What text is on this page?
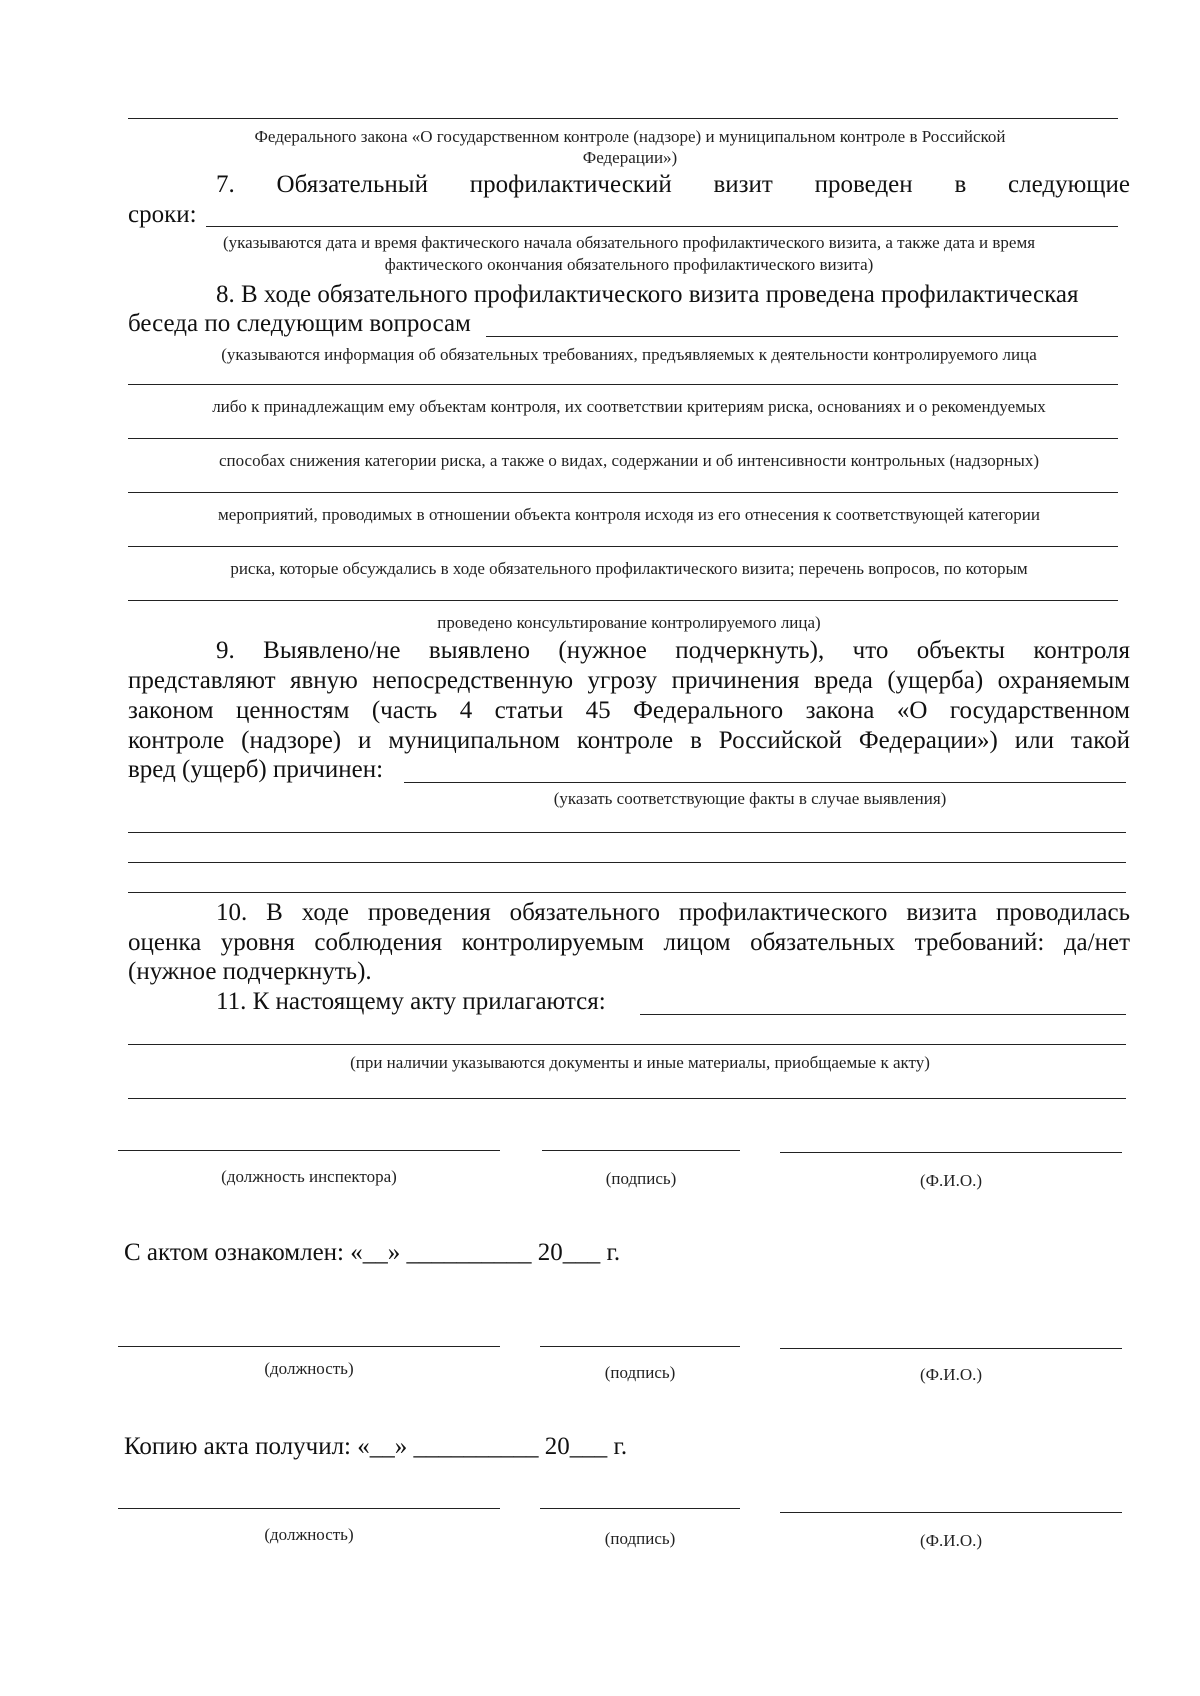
Федерального закона «О государственном контроле (надзоре) и муниципальном контроле в Российской Федерации»)
7. Обязательный профилактический визит проведен в следующие
сроки:
(указываются дата и время фактического начала обязательного профилактического визита, а также дата и время
фактического окончания обязательного профилактического визита)
8. В ходе обязательного профилактического визита проведена профилактическая
беседа по следующим вопросам
(указываются информация об обязательных требованиях, предъявляемых к деятельности контролируемого лица
либо к принадлежащим ему объектам контроля, их соответствии критериям риска, основаниях и о рекомендуемых
способах снижения категории риска, а также о видах, содержании и об интенсивности контрольных (надзорных)
мероприятий, проводимых в отношении объекта контроля исходя из его отнесения к соответствующей категории
риска, которые обсуждались в ходе обязательного профилактического визита; перечень вопросов, по которым
проведено консультирование контролируемого лица)
9. Выявлено/не выявлено (нужное подчеркнуть), что объекты контроля
представляют явную непосредственную угрозу причинения вреда (ущерба) охраняемым
законом ценностям (часть 4 статьи 45 Федерального закона «О государственном
контроле (надзоре) и муниципальном контроле в Российской Федерации») или такой
вред (ущерб) причинен:
(указать соответствующие факты в случае выявления)
10. В ходе проведения обязательного профилактического визита проводилась
оценка уровня соблюдения контролируемым лицом обязательных требований: да/нет
(нужное подчеркнуть).
11. К настоящему акту прилагаются:
(при наличии указываются документы и иные материалы, приобщаемые к акту)
(должность инспектора)	(подпись)	(Ф.И.О.)
С актом ознакомлен: «__» __________ 20___ г.
(должность)	(подпись)	(Ф.И.О.)
Копию акта получил: «__» __________ 20___ г.
(должность)	(подпись)	(Ф.И.О.)
